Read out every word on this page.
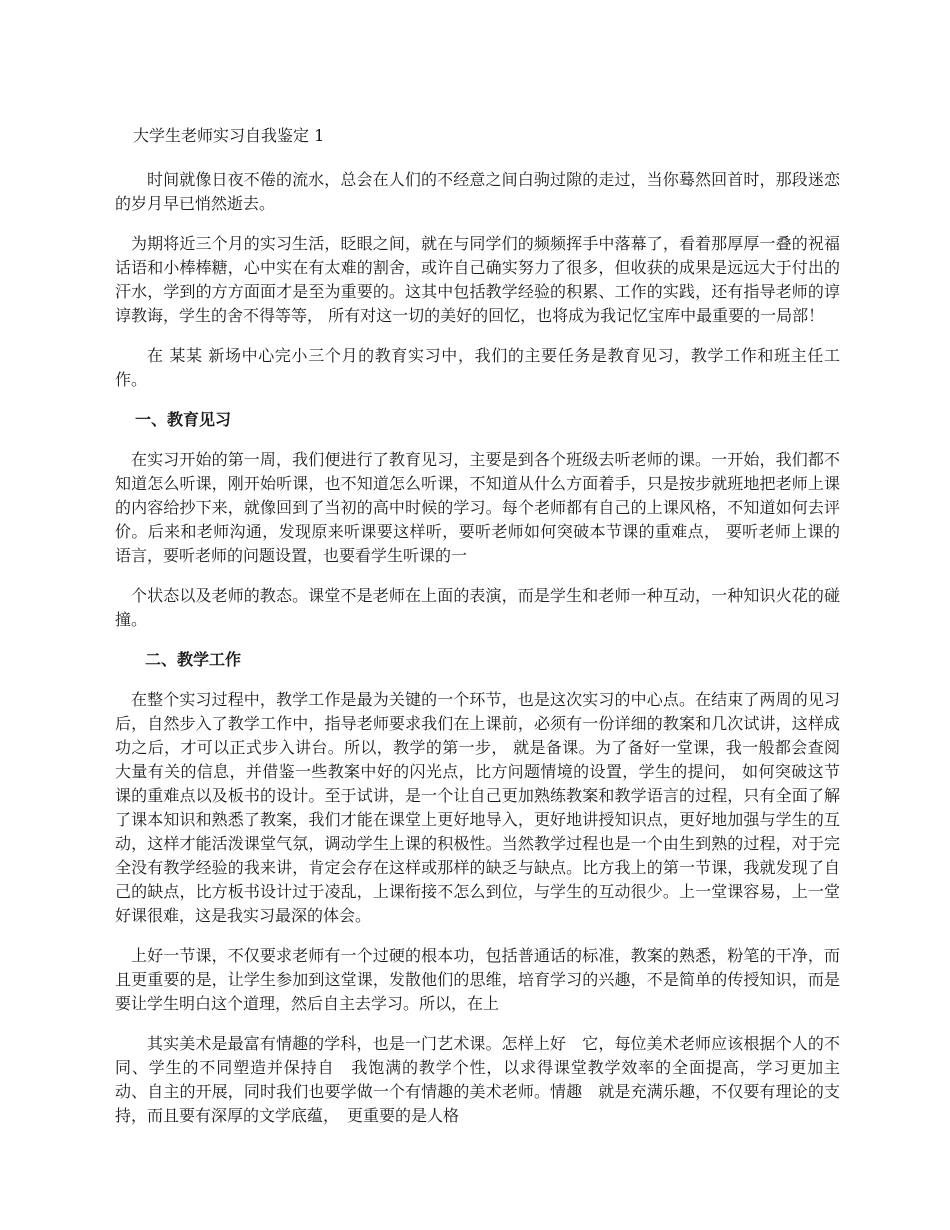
大学生老师实习自我鉴定 1

时间就像日夜不倦的流水，总会在人们的不经意之间白驹过隙的走过，当你蓦然回首时，那段迷恋的岁月早已悄然逝去。

为期将近三个月的实习生活，眨眼之间，就在与同学们的频频挥手中落幕了，看着那厚厚一叠的祝福话语和小棒棒糖，心中实在有太难的割舍，或许自己确实努力了很多，但收获的成果是远远大于付出的汗水，学到的方方面面才是至为重要的。这其中包括教学经验的积累、工作的实践，还有指导老师的谆谆教诲，学生的舍不得等等， 所有对这一切的美好的回忆，也将成为我记忆宝库中最重要的一局部！

在 某某 新场中心完小三个月的教育实习中，我们的主要任务是教育见习，教学工作和班主任工作。

一、教育见习

在实习开始的第一周，我们便进行了教育见习，主要是到各个班级去听老师的课。一开始，我们都不知道怎么听课，刚开始听课，也不知道怎么听课，不知道从什么方面着手，只是按步就班地把老师上课的内容给抄下来，就像回到了当初的高中时候的学习。每个老师都有自己的上课风格，不知道如何去评价。后来和老师沟通，发现原来听课要这样听，要听老师如何突破本节课的重难点， 要听老师上课的语言，要听老师的问题设置，也要看学生听课的一

个状态以及老师的教态。课堂不是老师在上面的表演，而是学生和老师一种互动，一种知识火花的碰撞。

二、教学工作

在整个实习过程中，教学工作是最为关键的一个环节，也是这次实习的中心点。在结束了两周的见习后，自然步入了教学工作中，指导老师要求我们在上课前，必须有一份详细的教案和几次试讲，这样成功之后，才可以正式步入讲台。所以，教学的第一步， 就是备课。为了备好一堂课，我一般都会查阅大量有关的信息，并借鉴一些教案中好的闪光点，比方问题情境的设置，学生的提问， 如何突破这节课的重难点以及板书的设计。至于试讲，是一个让自己更加熟练教案和教学语言的过程，只有全面了解了课本知识和熟悉了教案，我们才能在课堂上更好地导入，更好地讲授知识点，更好地加强与学生的互动，这样才能活泼课堂气氛，调动学生上课的积极性。当然教学过程也是一个由生到熟的过程，对于完全没有教学经验的我来讲，肯定会存在这样或那样的缺乏与缺点。比方我上的第一节课，我就发现了自己的缺点，比方板书设计过于凌乱，上课衔接不怎么到位，与学生的互动很少。上一堂课容易，上一堂好课很难，这是我实习最深的体会。

上好一节课，不仅要求老师有一个过硬的根本功，包括普通话的标准，教案的熟悉，粉笔的干净，而且更重要的是，让学生参加到这堂课，发散他们的思维，培育学习的兴趣，不是简单的传授知识，而是要让学生明白这个道理，然后自主去学习。所以，在上

其实美术是最富有情趣的学科，也是一门艺术课。怎样上好　它，每位美术老师应该根据个人的不同、学生的不同塑造并保持自　我饱满的教学个性，以求得课堂教学效率的全面提高，学习更加主　动、自主的开展，同时我们也要学做一个有情趣的美术老师。情趣　就是充满乐趣，不仅要有理论的支持，而且要有深厚的文学底蕴，　更重要的是人格
